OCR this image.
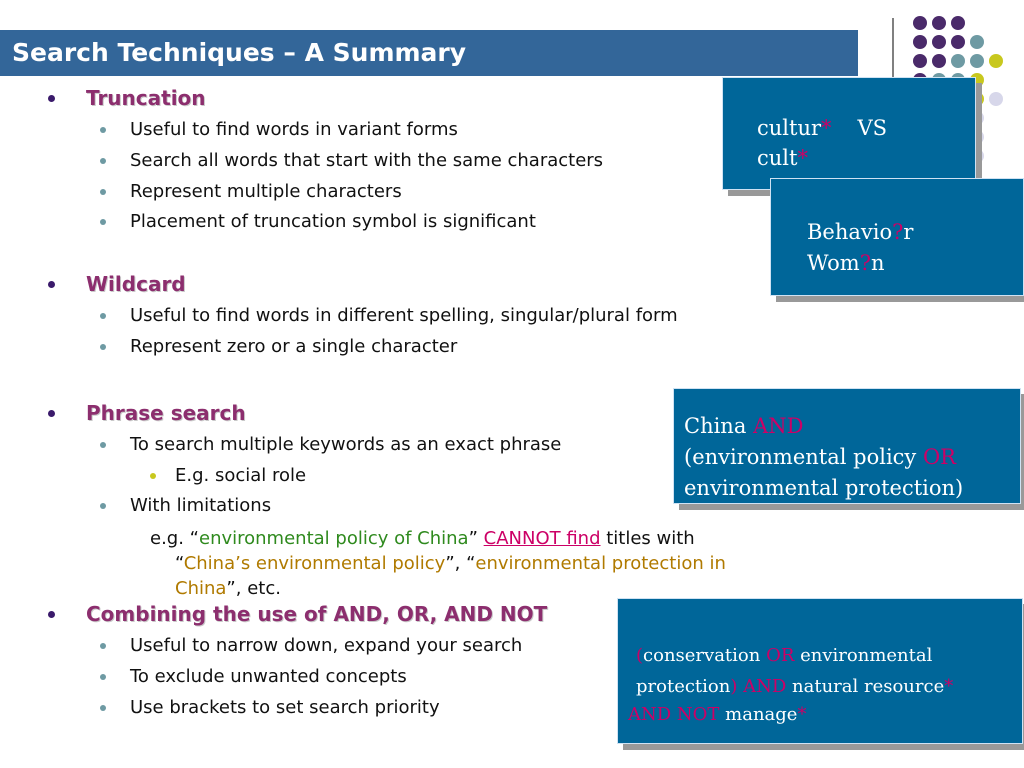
Search Techniques – A Summary
Truncation
Useful to find words in variant forms
Search all words that start with the same characters
Represent multiple characters
Placement of truncation symbol is significant
Wildcard
Useful to find words in different spelling, singular/plural form
Represent zero or a single character
Phrase search
To search multiple keywords as an exact phrase
E.g. social role
With limitations
e.g. “environmental policy of China” CANNOT find titles with
“China’s environmental policy”, “environmental protection in
China”, etc.
Combining the use of AND, OR, AND NOT
Useful to narrow down, expand your search
To exclude unwanted concepts
Use brackets to set search priority
cultur* VS
cult*
Behavio?r
Wom?n
China AND
(environmental policy OR
environmental protection)
(conservation OR environmental
protection) AND natural resource*
AND NOT manage*
